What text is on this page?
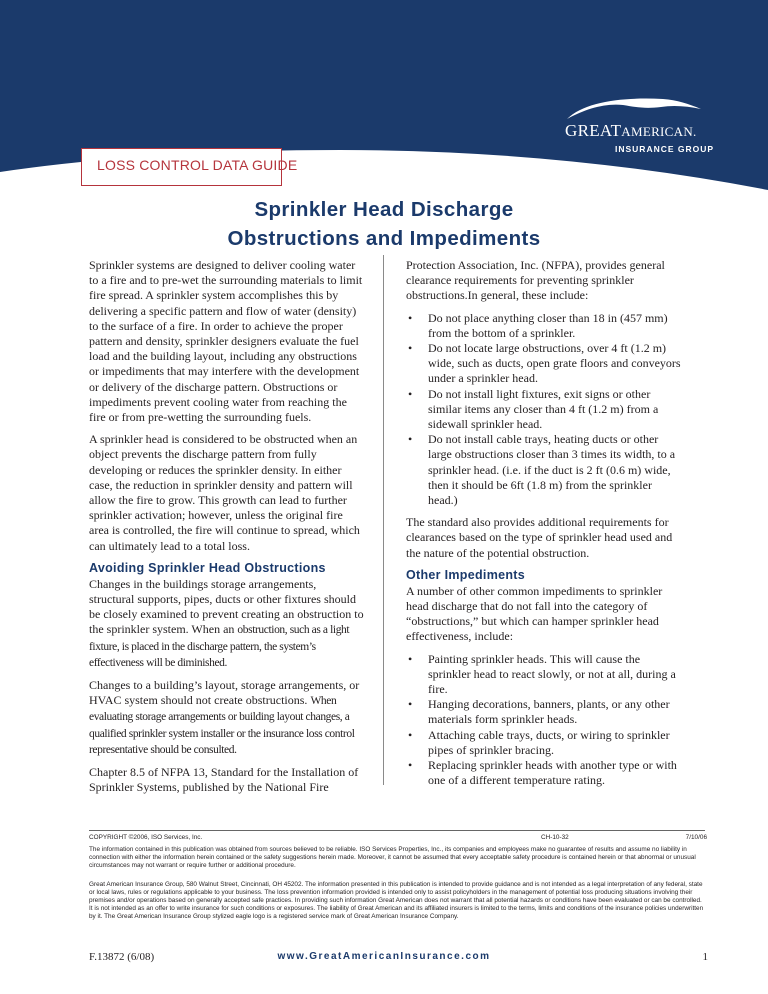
GREATAMERICAN.
INSURANCE GROUP
LOSS CONTROL DATA GUIDE
Sprinkler Head Discharge
Obstructions and Impediments

Sprinkler systems are designed to deliver cooling water to a fire and to pre-wet the surrounding materials to limit fire spread. A sprinkler system accomplishes this by delivering a specific pattern and flow of water (density) to the surface of a fire. In order to achieve the proper pattern and density, sprinkler designers evaluate the fuel load and the building layout, including any obstructions or impediments that may interfere with the development or delivery of the discharge pattern. Obstructions or impediments prevent cooling water from reaching the fire or from pre-wetting the surrounding fuels.

A sprinkler head is considered to be obstructed when an object prevents the discharge pattern from fully developing or reduces the sprinkler density. In either case, the reduction in sprinkler density and pattern will allow the fire to grow. This growth can lead to further sprinkler activation; however, unless the original fire area is controlled, the fire will continue to spread, which can ultimately lead to a total loss.

Avoiding Sprinkler Head Obstructions

Changes in the buildings storage arrangements, structural supports, pipes, ducts or other fixtures should be closely examined to prevent creating an obstruction to the sprinkler system. When an obstruction, such as a light fixture, is placed in the discharge pattern, the system’s effectiveness will be diminished.

Changes to a building’s layout, storage arrangements, or HVAC system should not create obstructions. When evaluating storage arrangements or building layout changes, a qualified sprinkler system installer or the insurance loss control representative should be consulted.

Chapter 8.5 of NFPA 13, Standard for the Installation of Sprinkler Systems, published by the National Fire

Protection Association, Inc. (NFPA), provides general clearance requirements for preventing sprinkler obstructions.In general, these include:

• Do not place anything closer than 18 in (457 mm) from the bottom of a sprinkler.
• Do not locate large obstructions, over 4 ft (1.2 m) wide, such as ducts, open grate floors and conveyors under a sprinkler head.
• Do not install light fixtures, exit signs or other similar items any closer than 4 ft (1.2 m) from a sidewall sprinkler head.
• Do not install cable trays, heating ducts or other large obstructions closer than 3 times its width, to a sprinkler head. (i.e. if the duct is 2 ft (0.6 m) wide, then it should be 6ft (1.8 m) from the sprinkler head.)

The standard also provides additional requirements for clearances based on the type of sprinkler head used and the nature of the potential obstruction.

Other Impediments

A number of other common impediments to sprinkler head discharge that do not fall into the category of “obstructions,” but which can hamper sprinkler head effectiveness, include:

• Painting sprinkler heads. This will cause the sprinkler head to react slowly, or not at all, during a fire.
• Hanging decorations, banners, plants, or any other materials form sprinkler heads.
• Attaching cable trays, ducts, or wiring to sprinkler pipes of sprinkler bracing.
• Replacing sprinkler heads with another type or with one of a different temperature rating.
COPYRIGHT ©2006, ISO Services, Inc.	CH-10-32	7/10/06
The information contained in this publication was obtained from sources believed to be reliable. ISO Services Properties, Inc., its companies and employees make no guarantee of results and assume no liability in connection with either the information herein contained or the safety suggestions herein made. Moreover, it cannot be assumed that every acceptable safety procedure is contained herein or that abnormal or unusual circumstances may not warrant or require further or additional procedure.
Great American Insurance Group, 580 Walnut Street, Cincinnati, OH 45202. The information presented in this publication is intended to provide guidance and is not intended as a legal interpretation of any federal, state or local laws, rules or regulations applicable to your business. The loss prevention information provided is intended only to assist policyholders in the management of potential loss producing situations involving their premises and/or operations based on generally accepted safe practices. In providing such information Great American does not warrant that all potential hazards or conditions have been evaluated or can be controlled. It is not intended as an offer to write insurance for such conditions or exposures. The liability of Great American and its affiliated insurers is limited to the terms, limits and conditions of the insurance policies underwritten by it. The Great American Insurance Group stylized eagle logo is a registered service mark of Great American Insurance Company.
F.13872 (6/08)	www.GreatAmericanInsurance.com	1
